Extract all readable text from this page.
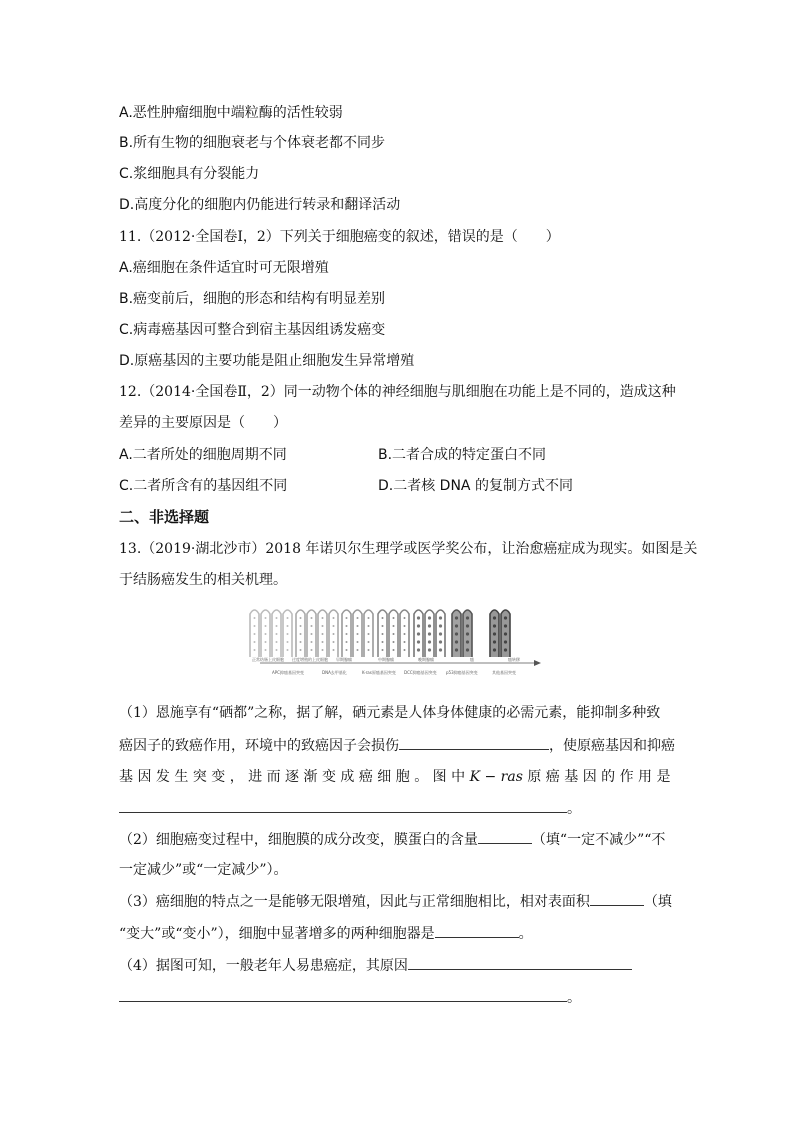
A.恶性肿瘤细胞中端粒酶的活性较弱
B.所有生物的细胞衰老与个体衰老都不同步
C.浆细胞具有分裂能力
D.高度分化的细胞内仍能进行转录和翻译活动
11.（2012·全国卷Ⅰ，2）下列关于细胞癌变的叙述，错误的是（　　）
A.癌细胞在条件适宜时可无限增殖
B.癌变前后，细胞的形态和结构有明显差别
C.病毒癌基因可整合到宿主基因组诱发癌变
D.原癌基因的主要功能是阻止细胞发生异常增殖
12.（2014·全国卷Ⅱ，2）同一动物个体的神经细胞与肌细胞在功能上是不同的，造成这种
差异的主要原因是（　　）
A.二者所处的细胞周期不同	B.二者合成的特定蛋白不同
C.二者所含有的基因组不同	D.二者核 DNA 的复制方式不同
二、非选择题
13.（2019·湖北沙市）2018 年诺贝尔生理学或医学奖公布，让治愈癌症成为现实。如图是关
于结肠癌发生的相关机理。
正常结肠上皮细胞 过度增殖的上皮细胞 早期腺瘤	中期腺瘤	晚期腺瘤	癌	癌转移
APC抑癌基因突变	DNA去甲基化	K-ras原癌基因突变 DCC抑癌基因突变 p53抑癌基因突变	其他基因突变
（1）恩施享有“硒都”之称，据了解，硒元素是人体身体健康的必需元素，能抑制多种致
癌因子的致癌作用，环境中的致癌因子会损伤	，使原癌基因和抑癌
基 因 发 生 突 变 ， 进 而 逐 渐 变 成 癌 细 胞 。 图 中 K − ras 原 癌 基 因 的 作 用 是
。
（2）细胞癌变过程中，细胞膜的成分改变，膜蛋白的含量	（填“一定不减少”“不
一定减少”或“一定减少”）。
（3）癌细胞的特点之一是能够无限增殖，因此与正常细胞相比，相对表面积	（填
“变大”或“变小”），细胞中显著增多的两种细胞器是	。
（4）据图可知，一般老年人易患癌症，其原因
。
